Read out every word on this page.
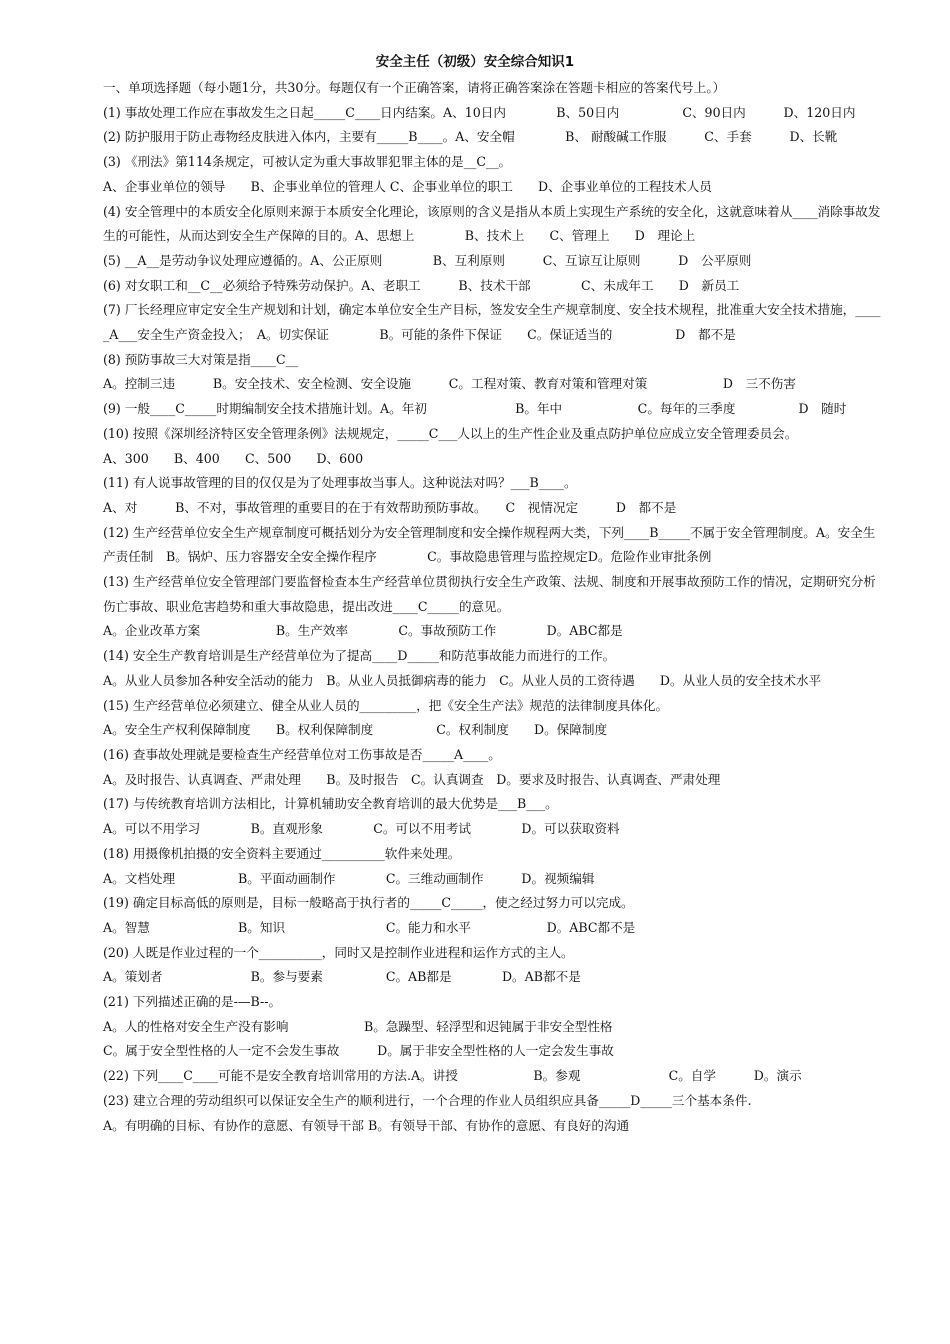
安全主任（初级）安全综合知识1

一、单项选择题（每小题1分，共30分。每题仅有一个正确答案，请将正确答案涂在答题卡相应的答案代号上。）

(1) 事故处理工作应在事故发生之日起_____C____日内结案。A、10日内　　　　B、50日内　　　　　C、90日内　　　D、120日内

(2) 防护服用于防止毒物经皮肤进入体内，主要有_____B____。A、安全帽　　　　B、 耐酸碱工作服　　　C、手套　　　D、长靴

(3) 《刑法》第114条规定，可被认定为重大事故罪犯罪主体的是__C__。

A、企事业单位的领导　　B、企事业单位的管理人 C、企事业单位的职工　　D、企事业单位的工程技术人员

(4) 安全管理中的本质安全化原则来源于本质安全化理论，该原则的含义是指从本质上实现生产系统的安全化，这就意味着从____消除事故发生的可能性，从而达到安全生产保障的目的。A、思想上　　　　B、技术上　　C、管理上　　D　理论上

(5) __A__是劳动争议处理应遵循的。A、公正原则　　　　B、互利原则　　　C、互谅互让原则　　　D　公平原则

(6) 对女职工和__C__必须给予特殊劳动保护。A、老职工　　　B、技术干部　　　　C、未成年工　　D　新员工

(7) 厂长经理应审定安全生产规划和计划，确定本单位安全生产目标，签发安全生产规章制度、安全技术规程，批准重大安全技术措施，_____A___安全生产资金投入；　A。切实保证　　　　B。可能的条件下保证　　C。保证适当的　　　　　D　都不是

(8) 预防事故三大对策是指____C__

A。控制三违　　　B。安全技术、安全检测、安全设施　　　C。工程对策、教育对策和管理对策　　　　　　D　三不伤害

(9) 一般____C_____时期编制安全技术措施计划。A。年初　　　　　　　B。年中　　　　　　C。每年的三季度　　　　　D　随时

(10) 按照《深圳经济特区安全管理条例》法规规定，_____C___人以上的生产性企业及重点防护单位应成立安全管理委员会。

A、300　　B、400　　C、500　　D、600

(11) 有人说事故管理的目的仅仅是为了处理事故当事人。这种说法对吗？___B____。

A、对　　　B、不对，事故管理的重要目的在于有效帮助预防事故。　　C　视情况定　　　D　都不是

(12) 生产经营单位安全生产规章制度可概括划分为安全管理制度和安全操作规程两大类，下列____B_____不属于安全管理制度。A。安全生产责任制　B。锅炉、压力容器安全安全操作程序　　　　C。事故隐患管理与监控规定D。危险作业审批条例

(13) 生产经营单位安全管理部门要监督检查本生产经营单位贯彻执行安全生产政策、法规、制度和开展事故预防工作的情况，定期研究分析伤亡事故、职业危害趋势和重大事故隐患，提出改进____C_____的意见。

A。企业改革方案　　　　　　B。生产效率　　　　C。事故预防工作　　　　D。ABC都是

(14) 安全生产教育培训是生产经营单位为了提高____D_____和防范事故能力而进行的工作。

A。从业人员参加各种安全活动的能力　B。从业人员抵御病毒的能力　C。从业人员的工资待遇　　D。从业人员的安全技术水平

(15) 生产经营单位必须建立、健全从业人员的_________，把《安全生产法》规范的法律制度具体化。

A。安全生产权利保障制度　　B。权利保障制度　　　　　C。权利制度　　D。保障制度

(16) 查事故处理就是要检查生产经营单位对工伤事故是否_____A____。

A。及时报告、认真调查、严肃处理　　B。及时报告　C。认真调查　D。要求及时报告、认真调查、严肃处理

(17) 与传统教育培训方法相比，计算机辅助安全教育培训的最大优势是___B___。

A。可以不用学习　　　　B。直观形象　　　　C。可以不用考试　　　　D。可以获取资料

(18) 用摄像机拍摄的安全资料主要通过__________软件来处理。

A。文档处理　　　　　B。平面动画制作　　　　C。三维动画制作　　　D。视频编辑

(19) 确定目标高低的原则是，目标一般略高于执行者的_____C_____，使之经过努力可以完成。

A。智慧　　　　　　　B。知识　　　　　　　　C。能力和水平　　　　　　D。ABC都不是

(20) 人既是作业过程的一个__________，同时又是控制作业进程和运作方式的主人。

A。策划者　　　　　　　B。参与要素　　　　　C。AB都是　　　　D。AB都不是

(21) 下列描述正确的是-—B--。

A。人的性格对安全生产没有影响　　　　　　B。急躁型、轻浮型和迟钝属于非安全型性格

C。属于安全型性格的人一定不会发生事故　　　D。属于非安全型性格的人一定会发生事故

(22) 下列____C____可能不是安全教育培训常用的方法.A。讲授　　　　　　B。参观　　　　　　　C。自学　　　D。演示

(23) 建立合理的劳动组织可以保证安全生产的顺利进行，一个合理的作业人员组织应具备_____D_____三个基本条件.

A。有明确的目标、有协作的意愿、有领导干部 B。有领导干部、有协作的意愿、有良好的沟通
